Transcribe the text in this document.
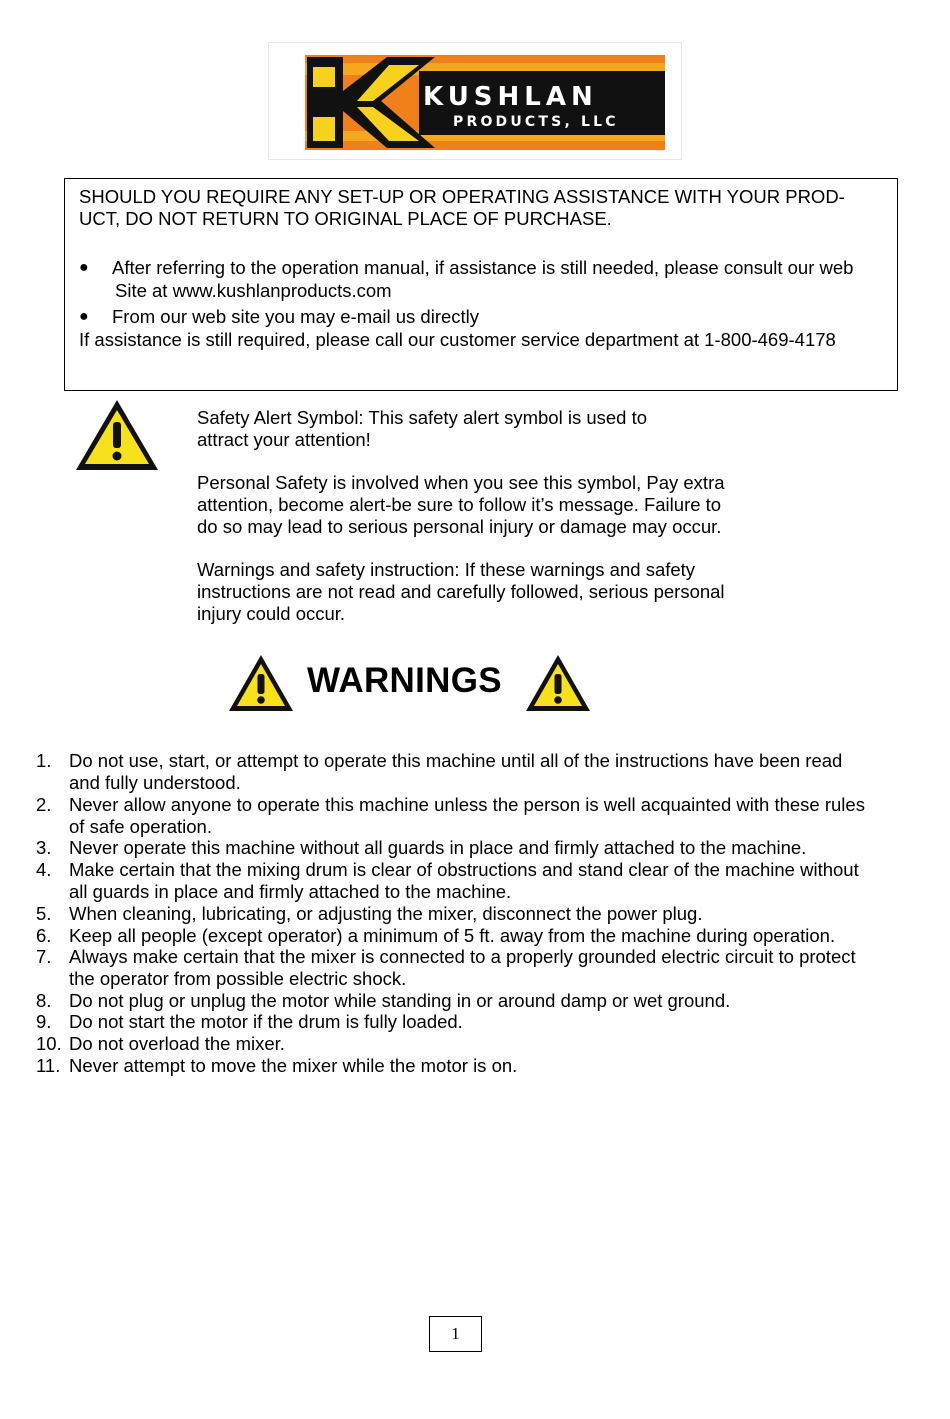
KUSHLAN
PRODUCTS, LLC
SHOULD YOU REQUIRE ANY SET-UP OR OPERATING ASSISTANCE WITH YOUR PROD-
UCT, DO NOT RETURN TO ORIGINAL PLACE OF PURCHASE.
● After referring to the operation manual, if assistance is still needed, please consult our web
Site at www.kushlanproducts.com
● From our web site you may e-mail us directly
If assistance is still required, please call our customer service department at 1-800-469-4178
Safety Alert Symbol: This safety alert symbol is used to
attract your attention!
Personal Safety is involved when you see this symbol, Pay extra
attention, become alert-be sure to follow it’s message. Failure to
do so may lead to serious personal injury or damage may occur.
Warnings and safety instruction: If these warnings and safety
instructions are not read and carefully followed, serious personal
injury could occur.
WARNINGS
1. Do not use, start, or attempt to operate this machine until all of the instructions have been read
and fully understood.
2. Never allow anyone to operate this machine unless the person is well acquainted with these rules
of safe operation.
3. Never operate this machine without all guards in place and firmly attached to the machine.
4. Make certain that the mixing drum is clear of obstructions and stand clear of the machine without
all guards in place and firmly attached to the machine.
5. When cleaning, lubricating, or adjusting the mixer, disconnect the power plug.
6. Keep all people (except operator) a minimum of 5 ft. away from the machine during operation.
7. Always make certain that the mixer is connected to a properly grounded electric circuit to protect
the operator from possible electric shock.
8. Do not plug or unplug the motor while standing in or around damp or wet ground.
9. Do not start the motor if the drum is fully loaded.
10. Do not overload the mixer.
11. Never attempt to move the mixer while the motor is on.
1
